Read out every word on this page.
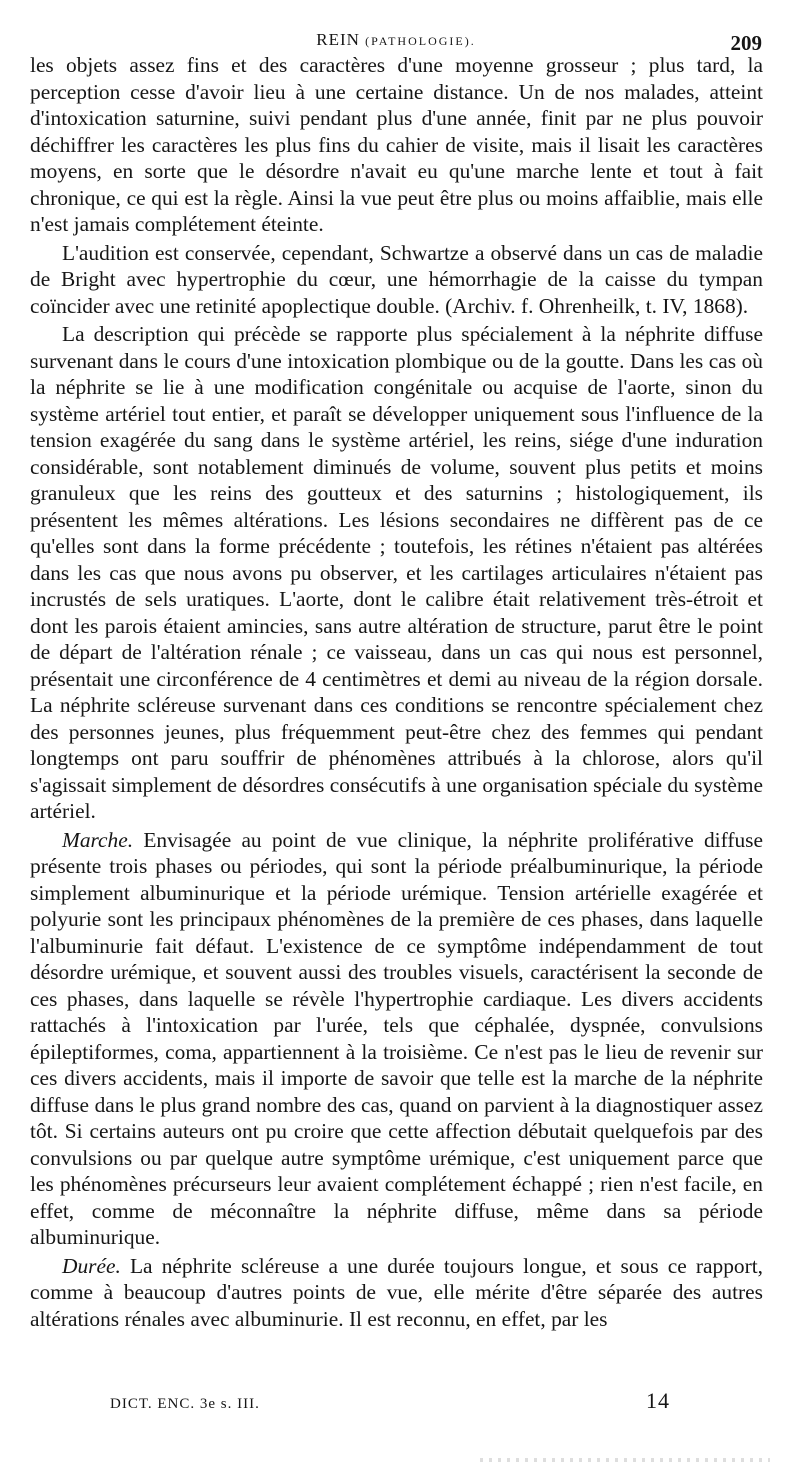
REIN (PATHOLOGIE).	209

les objets assez fins et des caractères d'une moyenne grosseur ; plus tard, la perception cesse d'avoir lieu à une certaine distance. Un de nos malades, atteint d'intoxication saturnine, suivi pendant plus d'une année, finit par ne plus pouvoir déchiffrer les caractères les plus fins du cahier de visite, mais il lisait les caractères moyens, en sorte que le désordre n'avait eu qu'une marche lente et tout à fait chronique, ce qui est la règle. Ainsi la vue peut être plus ou moins affaiblie, mais elle n'est jamais complétement éteinte.

L'audition est conservée, cependant, Schwartze a observé dans un cas de maladie de Bright avec hypertrophie du cœur, une hémorrhagie de la caisse du tympan coïncider avec une retinité apoplectique double. (Archiv. f. Ohrenheilk, t. IV, 1868).

La description qui précède se rapporte plus spécialement à la néphrite diffuse survenant dans le cours d'une intoxication plombique ou de la goutte. Dans les cas où la néphrite se lie à une modification congénitale ou acquise de l'aorte, sinon du système artériel tout entier, et paraît se développer uniquement sous l'influence de la tension exagérée du sang dans le système artériel, les reins, siége d'une induration considérable, sont notablement diminués de volume, souvent plus petits et moins granuleux que les reins des goutteux et des saturnins ; histologiquement, ils présentent les mêmes altérations. Les lésions secondaires ne diffèrent pas de ce qu'elles sont dans la forme précédente ; toutefois, les rétines n'étaient pas altérées dans les cas que nous avons pu observer, et les cartilages articulaires n'étaient pas incrustés de sels uratiques. L'aorte, dont le calibre était relativement très-étroit et dont les parois étaient amincies, sans autre altération de structure, parut être le point de départ de l'altération rénale ; ce vaisseau, dans un cas qui nous est personnel, présentait une circonférence de 4 centimètres et demi au niveau de la région dorsale. La néphrite scléreuse survenant dans ces conditions se rencontre spécialement chez des personnes jeunes, plus fréquemment peut-être chez des femmes qui pendant longtemps ont paru souffrir de phénomènes attribués à la chlorose, alors qu'il s'agissait simplement de désordres consécutifs à une organisation spéciale du système artériel.

Marche. Envisagée au point de vue clinique, la néphrite proliférative diffuse présente trois phases ou périodes, qui sont la période préalbuminurique, la période simplement albuminurique et la période urémique. Tension artérielle exagérée et polyurie sont les principaux phénomènes de la première de ces phases, dans laquelle l'albuminurie fait défaut. L'existence de ce symptôme indépendamment de tout désordre urémique, et souvent aussi des troubles visuels, caractérisent la seconde de ces phases, dans laquelle se révèle l'hypertrophie cardiaque. Les divers accidents rattachés à l'intoxication par l'urée, tels que céphalée, dyspnée, convulsions épileptiformes, coma, appartiennent à la troisième. Ce n'est pas le lieu de revenir sur ces divers accidents, mais il importe de savoir que telle est la marche de la néphrite diffuse dans le plus grand nombre des cas, quand on parvient à la diagnostiquer assez tôt. Si certains auteurs ont pu croire que cette affection débutait quelquefois par des convulsions ou par quelque autre symptôme urémique, c'est uniquement parce que les phénomènes précurseurs leur avaient complétement échappé ; rien n'est facile, en effet, comme de méconnaître la néphrite diffuse, même dans sa période albuminurique.

Durée. La néphrite scléreuse a une durée toujours longue, et sous ce rapport, comme à beaucoup d'autres points de vue, elle mérite d'être séparée des autres altérations rénales avec albuminurie. Il est reconnu, en effet, par les

DICT. ENC. 3e s. III.	14
